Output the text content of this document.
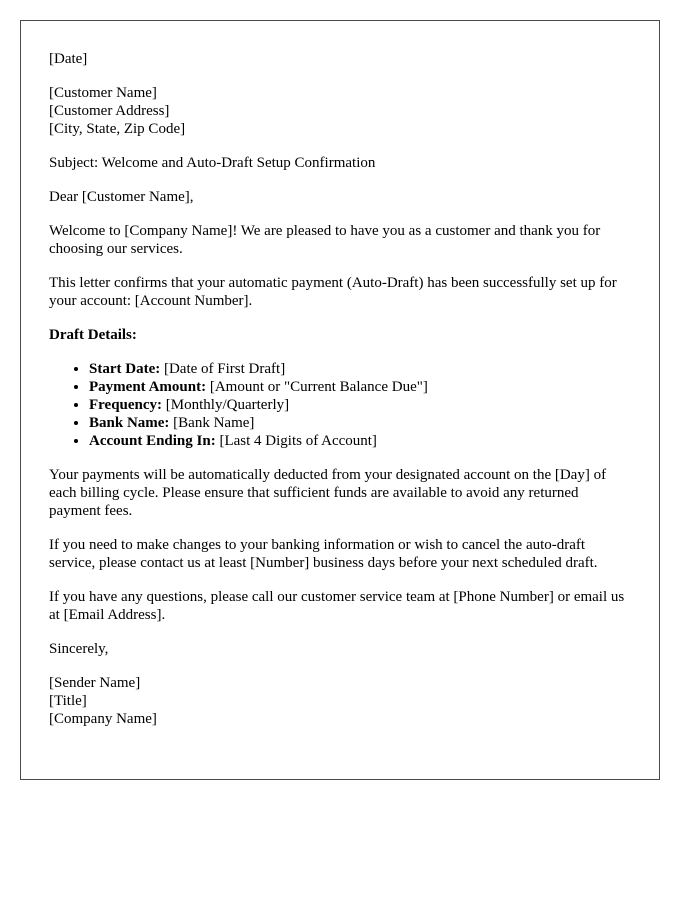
[Date]

[Customer Name]
[Customer Address]
[City, State, Zip Code]

Subject: Welcome and Auto-Draft Setup Confirmation

Dear [Customer Name],

Welcome to [Company Name]! We are pleased to have you as a customer and thank you for choosing our services.

This letter confirms that your automatic payment (Auto-Draft) has been successfully set up for your account: [Account Number].

Draft Details:
• Start Date: [Date of First Draft]
• Payment Amount: [Amount or "Current Balance Due"]
• Frequency: [Monthly/Quarterly]
• Bank Name: [Bank Name]
• Account Ending In: [Last 4 Digits of Account]

Your payments will be automatically deducted from your designated account on the [Day] of each billing cycle. Please ensure that sufficient funds are available to avoid any returned payment fees.

If you need to make changes to your banking information or wish to cancel the auto-draft service, please contact us at least [Number] business days before your next scheduled draft.

If you have any questions, please call our customer service team at [Phone Number] or email us at [Email Address].

Sincerely,

[Sender Name]
[Title]
[Company Name]
